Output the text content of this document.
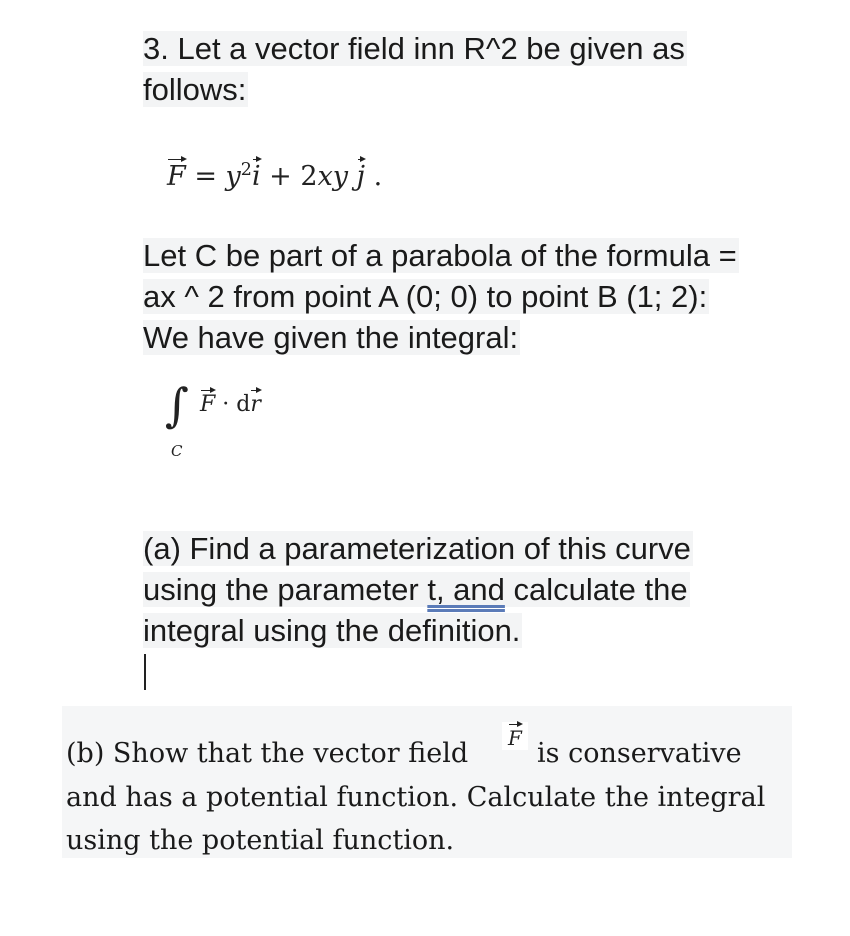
3. Let a vector field inn R^2 be given as
follows:
$F = y^2i + 2xy$ j .
Let C be part of a parabola of the formula =
ax ^ 2 from point A (0; 0) to point B (1; 2):
We have given the integral:
∫
C
F · dr
(a) Find a parameterization of this curve
using the parameter t, and calculate the
integral using the definition.
(b) Show that the vector field	F is conservative
and has a potential function. Calculate the integral
using the potential function.
